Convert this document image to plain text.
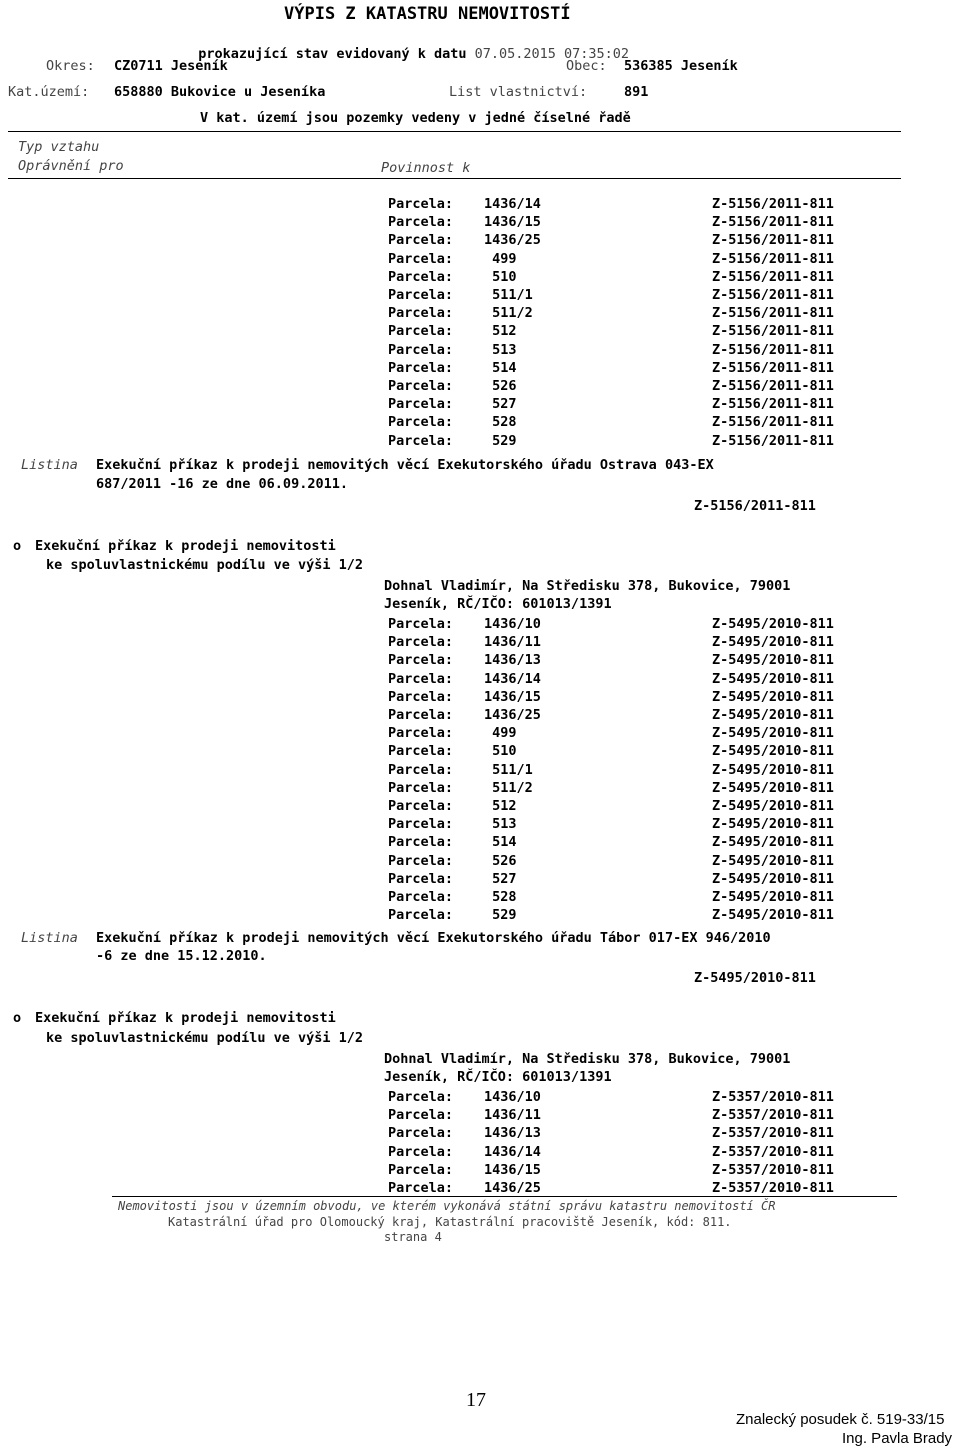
VÝPIS Z KATASTRU NEMOVITOSTÍ

prokazující stav evidovaný k datu 07.05.2015 07:35:02

Okres: CZ0711 Jeseník	Obec: 536385 Jeseník
Kat.území: 658880 Bukovice u Jeseníka	List vlastnictví:	891
V kat. území jsou pozemky vedeny v jedné číselné řadě
Typ vztahu
Oprávnění pro	Povinnost k
Parcela: 1436/14	Z-5156/2011-811
Parcela: 1436/15	Z-5156/2011-811
Parcela: 1436/25	Z-5156/2011-811
Parcela: 499	Z-5156/2011-811
Parcela: 510	Z-5156/2011-811
Parcela: 511/1	Z-5156/2011-811
Parcela: 511/2	Z-5156/2011-811
Parcela: 512	Z-5156/2011-811
Parcela: 513	Z-5156/2011-811
Parcela: 514	Z-5156/2011-811
Parcela: 526	Z-5156/2011-811
Parcela: 527	Z-5156/2011-811
Parcela: 528	Z-5156/2011-811
Parcela: 529	Z-5156/2011-811
Listina Exekuční příkaz k prodeji nemovitých věcí Exekutorského úřadu Ostrava 043-EX
687/2011 -16 ze dne 06.09.2011.
Z-5156/2011-811
o Exekuční příkaz k prodeji nemovitosti
ke spoluvlastnickému podílu ve výši 1/2
Dohnal Vladimír, Na Středisku 378, Bukovice, 79001
Jeseník, RČ/IČO: 601013/1391
Parcela: 1436/10	Z-5495/2010-811
Parcela: 1436/11	Z-5495/2010-811
Parcela: 1436/13	Z-5495/2010-811
Parcela: 1436/14	Z-5495/2010-811
Parcela: 1436/15	Z-5495/2010-811
Parcela: 1436/25	Z-5495/2010-811
Parcela: 499	Z-5495/2010-811
Parcela: 510	Z-5495/2010-811
Parcela: 511/1	Z-5495/2010-811
Parcela: 511/2	Z-5495/2010-811
Parcela: 512	Z-5495/2010-811
Parcela: 513	Z-5495/2010-811
Parcela: 514	Z-5495/2010-811
Parcela: 526	Z-5495/2010-811
Parcela: 527	Z-5495/2010-811
Parcela: 528	Z-5495/2010-811
Parcela: 529	Z-5495/2010-811
Listina Exekuční příkaz k prodeji nemovitých věcí Exekutorského úřadu Tábor 017-EX 946/2010
-6 ze dne 15.12.2010.
Z-5495/2010-811
o Exekuční příkaz k prodeji nemovitosti
ke spoluvlastnickému podílu ve výši 1/2
Dohnal Vladimír, Na Středisku 378, Bukovice, 79001
Jeseník, RČ/IČO: 601013/1391
Parcela: 1436/10	Z-5357/2010-811
Parcela: 1436/11	Z-5357/2010-811
Parcela: 1436/13	Z-5357/2010-811
Parcela: 1436/14	Z-5357/2010-811
Parcela: 1436/15	Z-5357/2010-811
Parcela: 1436/25	Z-5357/2010-811
Nemovitosti jsou v územním obvodu, ve kterém vykonává státní správu katastru nemovitostí ČR
Katastrální úřad pro Olomoucký kraj, Katastrální pracoviště Jeseník, kód: 811.
strana 4
17
Znalecký posudek č. 519-33/15
Ing. Pavla Brady
